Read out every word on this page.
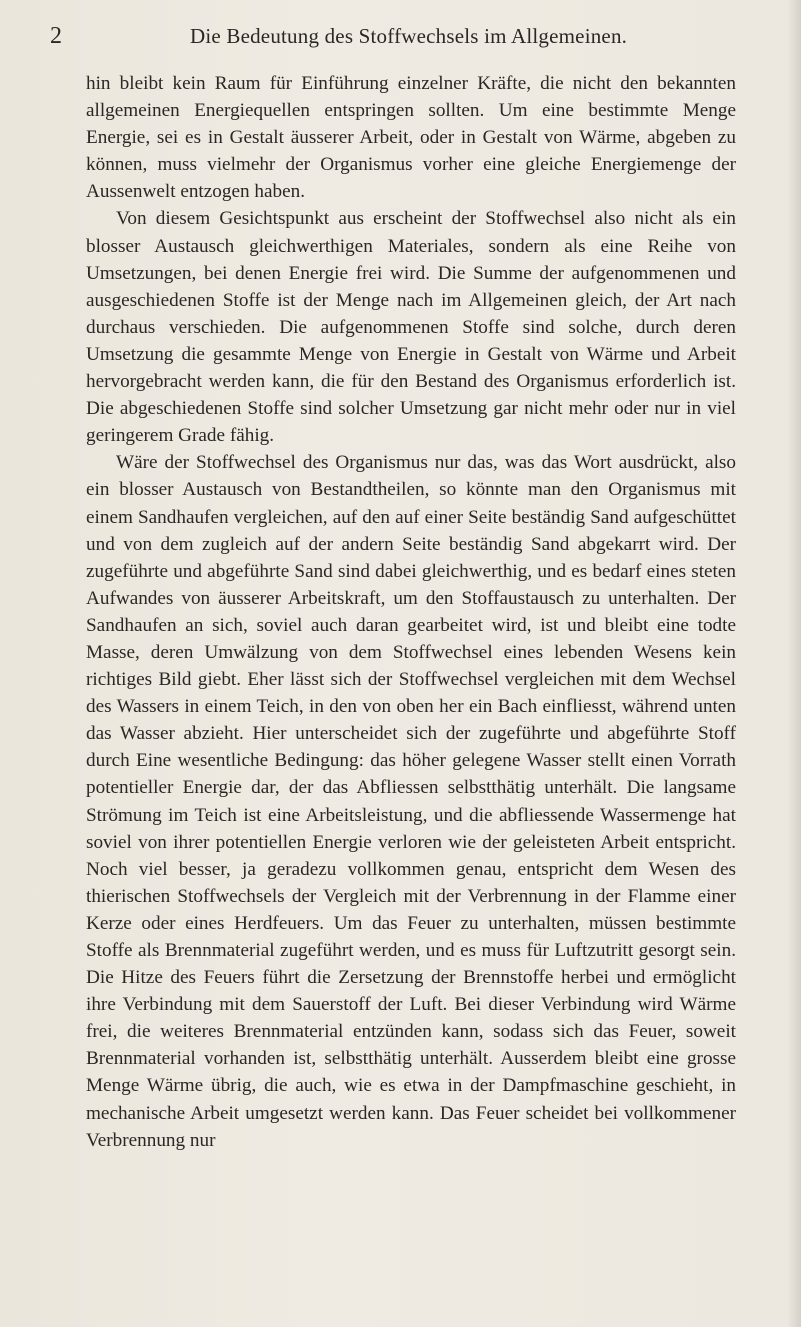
2	Die Bedeutung des Stoffwechsels im Allgemeinen.

hin bleibt kein Raum für Einführung einzelner Kräfte, die nicht den bekannten allgemeinen Energiequellen entspringen sollten. Um eine bestimmte Menge Energie, sei es in Gestalt äusserer Arbeit, oder in Gestalt von Wärme, abgeben zu können, muss vielmehr der Organismus vorher eine gleiche Energiemenge der Aussenwelt entzogen haben.

Von diesem Gesichtspunkt aus erscheint der Stoffwechsel also nicht als ein blosser Austausch gleichwerthigen Materiales, sondern als eine Reihe von Umsetzungen, bei denen Energie frei wird. Die Summe der aufgenommenen und ausgeschiedenen Stoffe ist der Menge nach im Allgemeinen gleich, der Art nach durchaus verschieden. Die aufgenommenen Stoffe sind solche, durch deren Umsetzung die gesammte Menge von Energie in Gestalt von Wärme und Arbeit hervorgebracht werden kann, die für den Bestand des Organismus erforderlich ist. Die abgeschiedenen Stoffe sind solcher Umsetzung gar nicht mehr oder nur in viel geringerem Grade fähig.

Wäre der Stoffwechsel des Organismus nur das, was das Wort ausdrückt, also ein blosser Austausch von Bestandtheilen, so könnte man den Organismus mit einem Sandhaufen vergleichen, auf den auf einer Seite beständig Sand aufgeschüttet und von dem zugleich auf der andern Seite beständig Sand abgekarrt wird. Der zugeführte und abgeführte Sand sind dabei gleichwerthig, und es bedarf eines steten Aufwandes von äusserer Arbeitskraft, um den Stoffaustausch zu unterhalten. Der Sandhaufen an sich, soviel auch daran gearbeitet wird, ist und bleibt eine todte Masse, deren Umwälzung von dem Stoffwechsel eines lebenden Wesens kein richtiges Bild giebt. Eher lässt sich der Stoffwechsel vergleichen mit dem Wechsel des Wassers in einem Teich, in den von oben her ein Bach einfliesst, während unten das Wasser abzieht. Hier unterscheidet sich der zugeführte und abgeführte Stoff durch Eine wesentliche Bedingung: das höher gelegene Wasser stellt einen Vorrath potentieller Energie dar, der das Abfliessen selbstthätig unterhält. Die langsame Strömung im Teich ist eine Arbeitsleistung, und die abfliessende Wassermenge hat soviel von ihrer potentiellen Energie verloren wie der geleisteten Arbeit entspricht. Noch viel besser, ja geradezu vollkommen genau, entspricht dem Wesen des thierischen Stoffwechsels der Vergleich mit der Verbrennung in der Flamme einer Kerze oder eines Herdfeuers. Um das Feuer zu unterhalten, müssen bestimmte Stoffe als Brennmaterial zugeführt werden, und es muss für Luftzutritt gesorgt sein. Die Hitze des Feuers führt die Zersetzung der Brennstoffe herbei und ermöglicht ihre Verbindung mit dem Sauerstoff der Luft. Bei dieser Verbindung wird Wärme frei, die weiteres Brennmaterial entzünden kann, sodass sich das Feuer, soweit Brennmaterial vorhanden ist, selbstthätig unterhält. Ausserdem bleibt eine grosse Menge Wärme übrig, die auch, wie es etwa in der Dampfmaschine geschieht, in mechanische Arbeit umgesetzt werden kann. Das Feuer scheidet bei vollkommener Verbrennung nur
